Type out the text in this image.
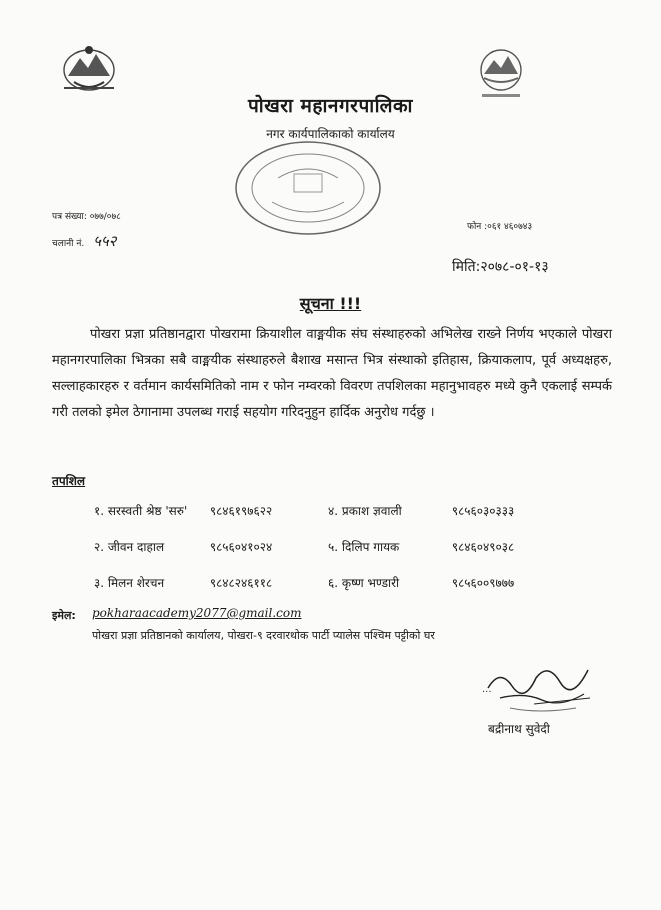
पोखरा महानगरपालिका
नगर कार्यपालिकाको कार्यालय
पत्र संख्या: ०७७/०७८
चलानी नं. ५५२
फोन :०६१ ४६०७४३
मिति:२०७८-०१-१३
सूचना !!!
पोखरा प्रज्ञा प्रतिष्ठानद्वारा पोखरामा क्रियाशील वाङ्मयीक संघ संस्थाहरुको अभिलेख राख्ने निर्णय भएकाले पोखरा महानगरपालिका भित्रका सबै वाङ्मयीक संस्थाहरुले बैशाख मसान्त भित्र संस्थाको इतिहास, क्रियाकलाप, पूर्व अध्यक्षहरु, सल्लाहकारहरु र वर्तमान कार्यसमितिको नाम र फोन नम्वरको विवरण तपशिलका महानुभावहरु मध्ये कुनै एकलाई सम्पर्क गरी तलको इमेल ठेगानामा उपलब्ध गराई सहयोग गरिदनुहुन हार्दिक अनुरोध गर्दछु ।
तपशिल
१. सरस्वती श्रेष्ठ 'सरु' ९८४६१९७६२२	४. प्रकाश ज्ञवाली	९८५६०३०३३३
२. जीवन दाहाल	९८५६०४१०२४	५. दिलिप गायक	९८४६०४९०३८
३. मिलन शेरचन	९८४८२४६११८	६. कृष्ण भण्डारी	९८५६००९७७७
इमेल: pokharaacademy2077@gmail.com
पोखरा प्रज्ञा प्रतिष्ठानको कार्यालय, पोखरा-९ दरवारथोक पार्टी प्यालेस पश्चिम पट्टीको घर
...
बद्रीनाथ सुवेदी
